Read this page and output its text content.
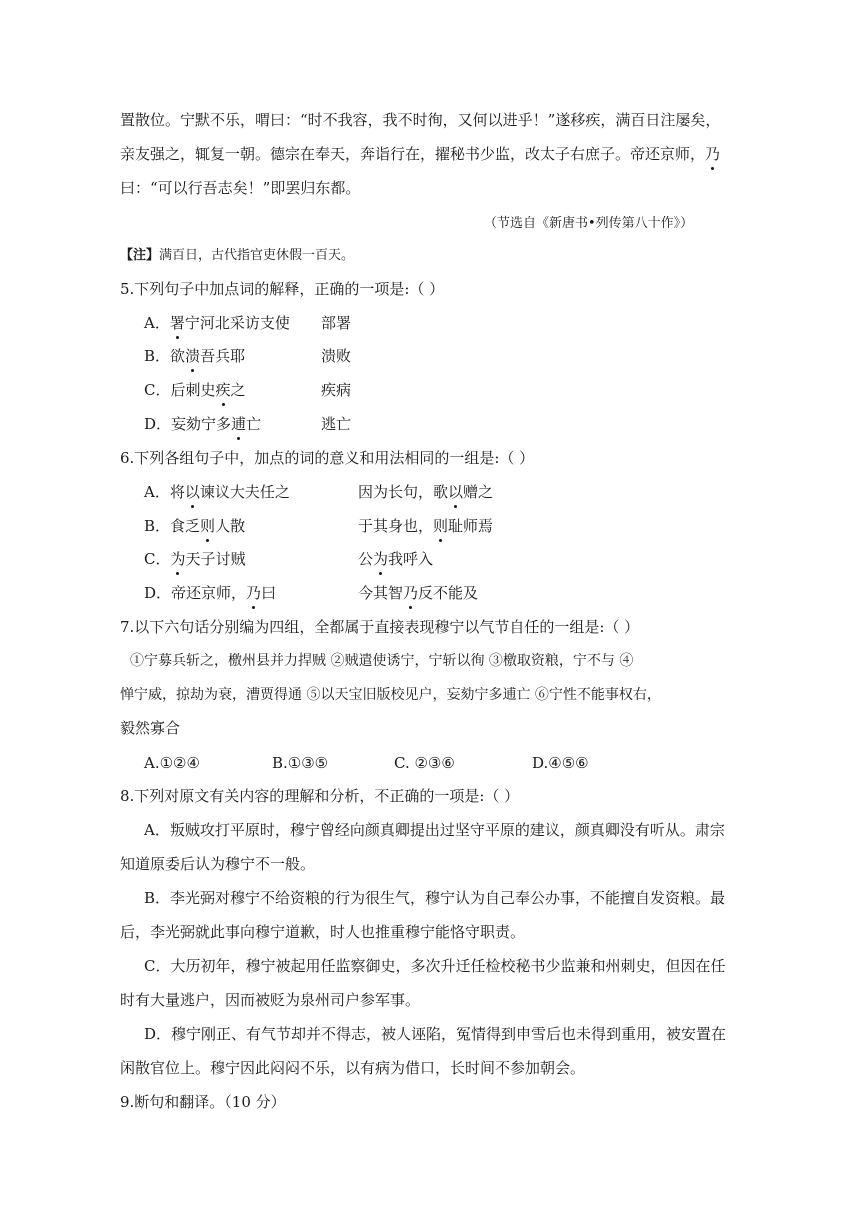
置散位。宁默不乐，喟曰：“时不我容，我不时徇，又何以进乎！”遂移疾，满百日注屡矣，
亲友强之，辄复一朝。德宗在奉天，奔诣行在，擢秘书少监，改太子右庶子。帝还京师，乃
曰：“可以行吾志矣！”即罢归东都。
（节选自《新唐书•列传第八十作》）
【注】满百日，古代指官吏休假一百天。
5.下列句子中加点词的解释，正确的一项是:（ ）
A．署宁河北采访支使 部署
B．欲溃吾兵耶	溃败
C．后刺史疾之	疾病
D．妄劾宁多逋亡	逃亡
6.下列各组句子中，加点的词的意义和用法相同的一组是:（ ）
A．将以谏议大夫任之	因为长句，歌以赠之
B．食乏则人散	于其身也，则耻师焉
C．为天子讨贼	公为我呼入
D．帝还京师，乃曰	今其智乃反不能及
7.以下六句话分别编为四组，全都属于直接表现穆宁以气节自任的一组是:（ ）
①宁募兵斩之，檄州县并力捍贼 ②贼遣使诱宁，宁斩以徇 ③檄取资粮，宁不与 ④
惮宁威，掠劫为衰，漕贾得通 ⑤以天宝旧版校见户，妄劾宁多逋亡 ⑥宁性不能事权右，
毅然寡合
A.①②④	B.①③⑤	C. ②③⑥	D.④⑤⑥
8.下列对原文有关内容的理解和分析，不正确的一项是:（ ）
A．叛贼攻打平原时，穆宁曾经向颜真卿提出过坚守平原的建议，颜真卿没有听从。肃宗
知道原委后认为穆宁不一般。
B．李光弼对穆宁不给资粮的行为很生气，穆宁认为自己奉公办事，不能擅自发资粮。最
后，李光弼就此事向穆宁道歉，时人也推重穆宁能恪守职责。
C．大历初年，穆宁被起用任监察御史，多次升迁任检校秘书少监兼和州刺史，但因在任
时有大量逃户，因而被贬为泉州司户参军事。
D．穆宁刚正、有气节却并不得志，被人诬陷，冤情得到申雪后也未得到重用，被安置在
闲散官位上。穆宁因此闷闷不乐，以有病为借口，长时间不参加朝会。
9.断句和翻译。（10 分）
